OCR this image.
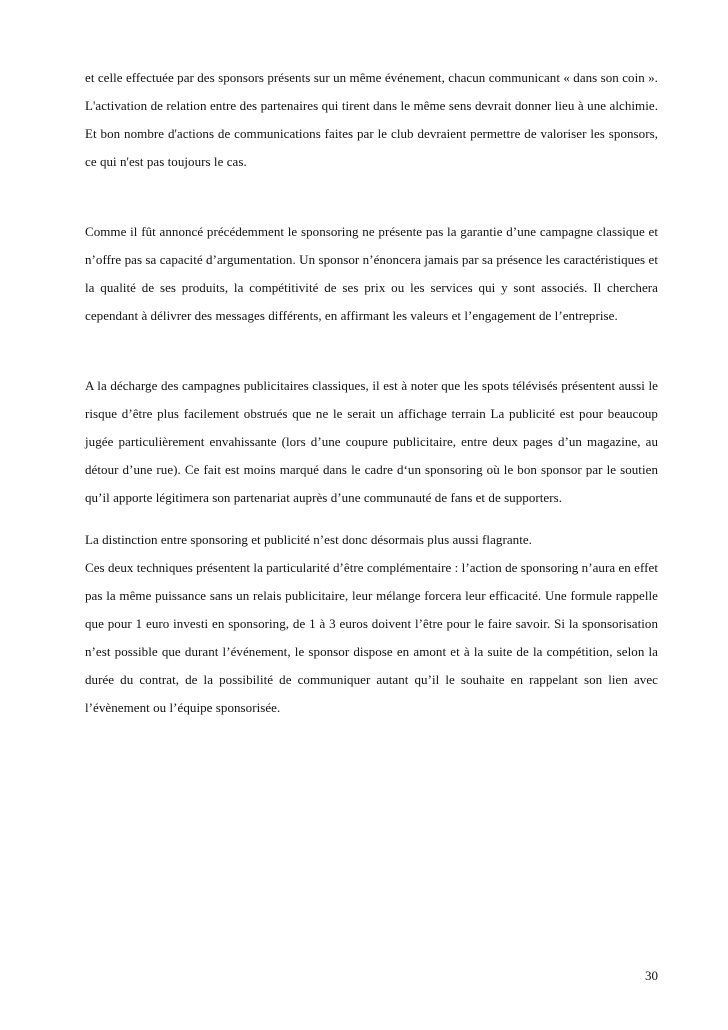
et celle effectuée par des sponsors présents sur un même événement, chacun communicant « dans son coin ». L'activation de relation entre des partenaires qui tirent dans le même sens devrait donner lieu à une alchimie. Et bon nombre d'actions de communications faites par le club devraient permettre de valoriser les sponsors, ce qui n'est pas toujours le cas.

Comme il fût annoncé précédemment le sponsoring ne présente pas la garantie d’une campagne classique et n’offre pas sa capacité d’argumentation. Un sponsor n’énoncera jamais par sa présence les caractéristiques et la qualité de ses produits, la compétitivité de ses prix ou les services qui y sont associés. Il cherchera cependant à délivrer des messages différents, en affirmant les valeurs et l’engagement de l’entreprise.

A la décharge des campagnes publicitaires classiques, il est à noter que les spots télévisés présentent aussi le risque d’être plus facilement obstrués que ne le serait un affichage terrain La publicité est pour beaucoup jugée particulièrement envahissante (lors d’une coupure publicitaire, entre deux pages d’un magazine, au détour d’une rue). Ce fait est moins marqué dans le cadre d‘un sponsoring où le bon sponsor par le soutien qu’il apporte légitimera son partenariat auprès d’une communauté de fans et de supporters.

La distinction entre sponsoring et publicité n’est donc désormais plus aussi flagrante.

Ces deux techniques présentent la particularité d’être complémentaire : l’action de sponsoring n’aura en effet pas la même puissance sans un relais publicitaire, leur mélange forcera leur efficacité. Une formule rappelle que pour 1 euro investi en sponsoring, de 1 à 3 euros doivent l’être pour le faire savoir. Si la sponsorisation n’est possible que durant l’événement, le sponsor dispose en amont et à la suite de la compétition, selon la durée du contrat, de la possibilité de communiquer autant qu’il le souhaite en rappelant son lien avec l’évènement ou l’équipe sponsorisée.

30
